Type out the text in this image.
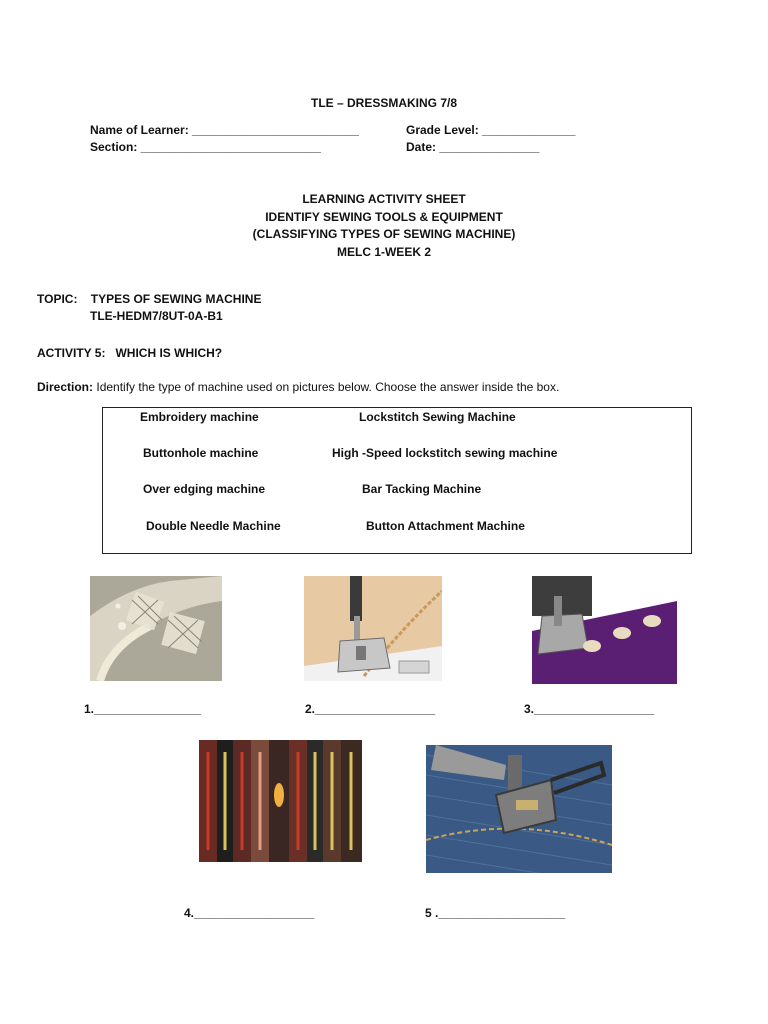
TLE – DRESSMAKING 7/8
Name of Learner: _________________________	Grade Level: ______________
Section: ___________________________	Date: _______________
LEARNING ACTIVITY SHEET
IDENTIFY SEWING TOOLS & EQUIPMENT
(CLASSIFYING TYPES OF SEWING MACHINE)
MELC 1-WEEK 2
TOPIC:    TYPES OF SEWING MACHINE
TLE-HEDM7/8UT-0A-B1
ACTIVITY 5:   WHICH IS WHICH?
Direction: Identify the type of machine used on pictures below. Choose the answer inside the box.
Embroidery machine	Lockstitch Sewing Machine
Buttonhole machine	High -Speed lockstitch sewing machine
Over edging machine	Bar Tacking Machine
Double Needle Machine	Button Attachment Machine
1.________________	2.__________________	3.__________________
4.__________________	5 .___________________
